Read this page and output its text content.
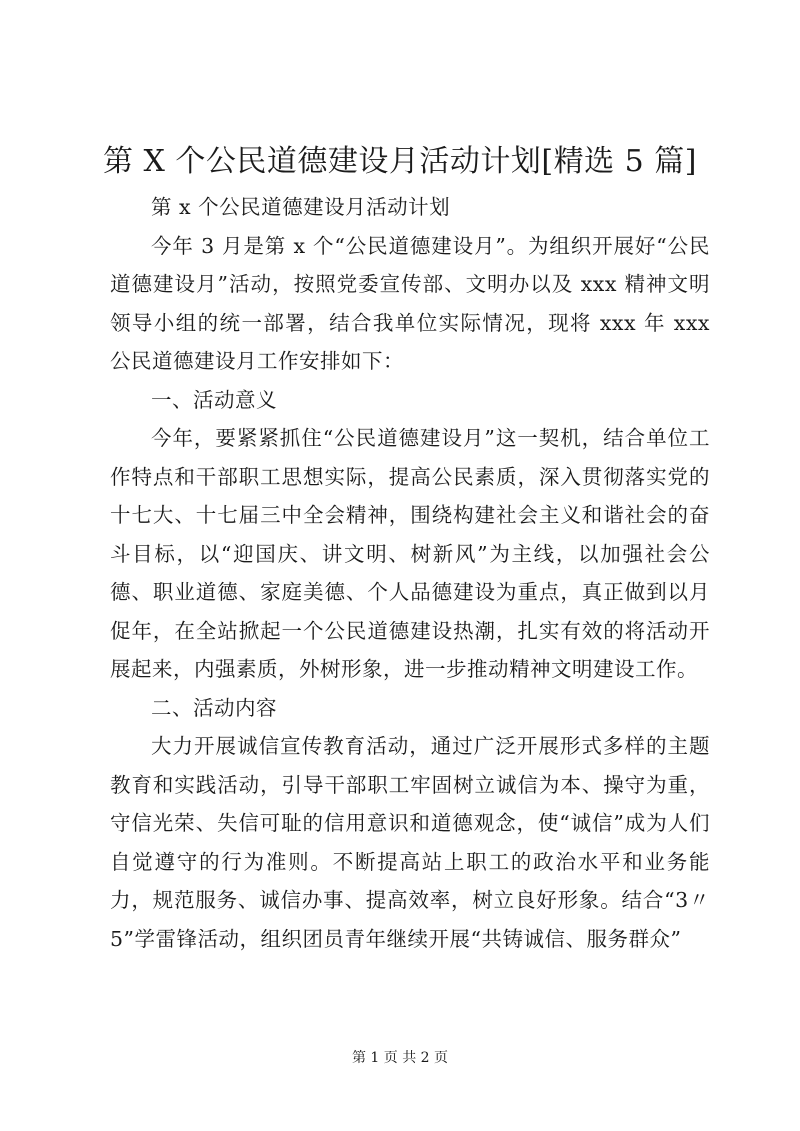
第 X 个公民道德建设月活动计划[精选 5 篇]

第 x 个公民道德建设月活动计划

今年 3 月是第 x 个“公民道德建设月”。为组织开展好“公民道德建设月”活动，按照党委宣传部、文明办以及 xxx 精神文明领导小组的统一部署，结合我单位实际情况，现将 xxx 年 xxx 公民道德建设月工作安排如下：

一、活动意义

今年，要紧紧抓住“公民道德建设月”这一契机，结合单位工作特点和干部职工思想实际，提高公民素质，深入贯彻落实党的十七大、十七届三中全会精神，围绕构建社会主义和谐社会的奋斗目标，以“迎国庆、讲文明、树新风”为主线，以加强社会公德、职业道德、家庭美德、个人品德建设为重点，真正做到以月促年，在全站掀起一个公民道德建设热潮，扎实有效的将活动开展起来，内强素质，外树形象，进一步推动精神文明建设工作。

二、活动内容

大力开展诚信宣传教育活动，通过广泛开展形式多样的主题教育和实践活动，引导干部职工牢固树立诚信为本、操守为重，守信光荣、失信可耻的信用意识和道德观念，使“诚信”成为人们自觉遵守的行为准则。不断提高站上职工的政治水平和业务能力，规范服务、诚信办事、提高效率，树立良好形象。结合“3〃5”学雷锋活动，组织团员青年继续开展“共铸诚信、服务群众”

第 1 页 共 2 页
